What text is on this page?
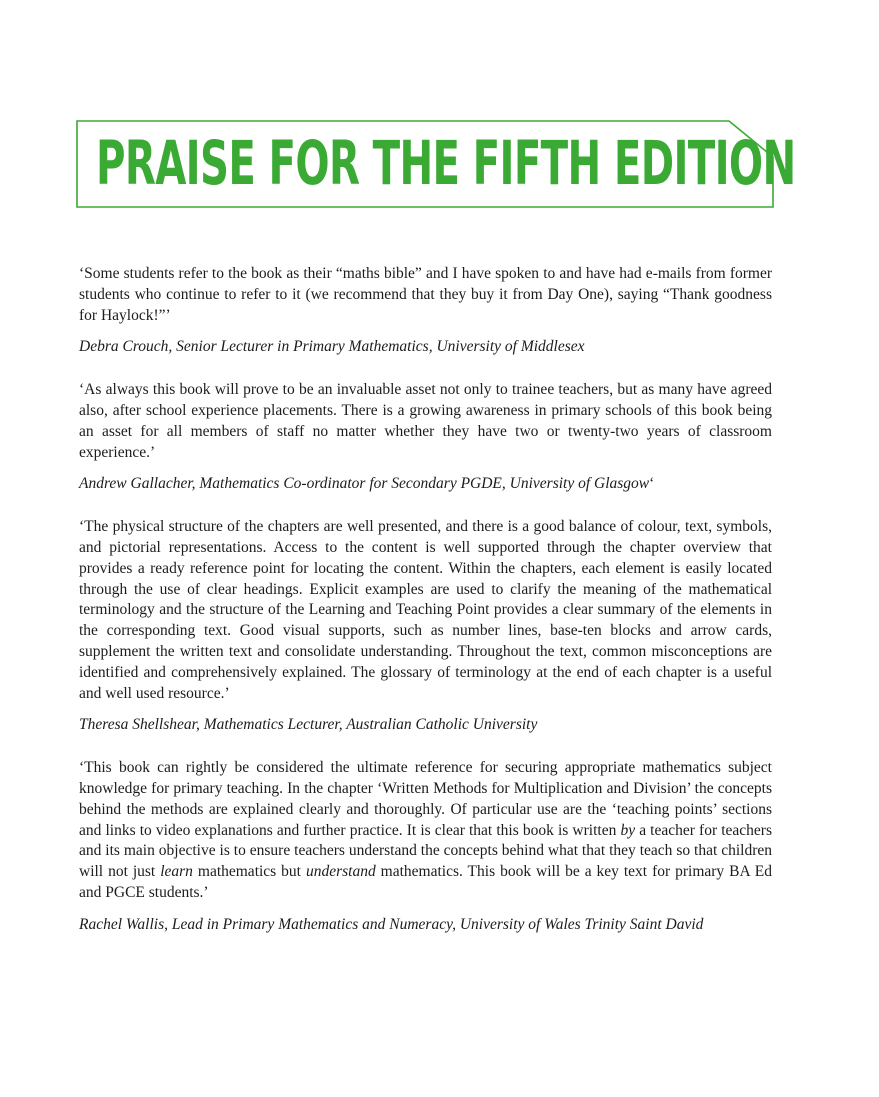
PRAISE FOR THE FIFTH EDITION

‘Some students refer to the book as their “maths bible” and I have spoken to and have had e-mails from former students who continue to refer to it (we recommend that they buy it from Day One), saying “Thank goodness for Haylock!”’

Debra Crouch, Senior Lecturer in Primary Mathematics, University of Middlesex

‘As always this book will prove to be an invaluable asset not only to trainee teachers, but as many have agreed also, after school experience placements. There is a growing awareness in primary schools of this book being an asset for all members of staff no matter whether they have two or twenty-two years of classroom experience.’

Andrew Gallacher, Mathematics Co-ordinator for Secondary PGDE, University of Glasgow‘

‘The physical structure of the chapters are well presented, and there is a good balance of colour, text, symbols, and pictorial representations. Access to the content is well supported through the chapter overview that provides a ready reference point for locating the content. Within the chapters, each element is easily located through the use of clear headings. Explicit examples are used to clarify the meaning of the mathematical terminology and the structure of the Learning and Teaching Point provides a clear summary of the elements in the corresponding text. Good visual supports, such as number lines, base-ten blocks and arrow cards, supplement the written text and consolidate understanding. Throughout the text, common misconceptions are identified and comprehensively explained. The glossary of terminology at the end of each chapter is a useful and well used resource.’

Theresa Shellshear, Mathematics Lecturer, Australian Catholic University

‘This book can rightly be considered the ultimate reference for securing appropriate mathematics subject knowledge for primary teaching. In the chapter ‘Written Methods for Multiplication and Division’ the concepts behind the methods are explained clearly and thoroughly. Of particular use are the ‘teaching points’ sections and links to video explanations and further practice. It is clear that this book is written by a teacher for teachers and its main objective is to ensure teachers understand the concepts behind what that they teach so that children will not just learn mathematics but understand mathematics. This book will be a key text for primary BA Ed and PGCE students.’

Rachel Wallis, Lead in Primary Mathematics and Numeracy, University of Wales Trinity Saint David
